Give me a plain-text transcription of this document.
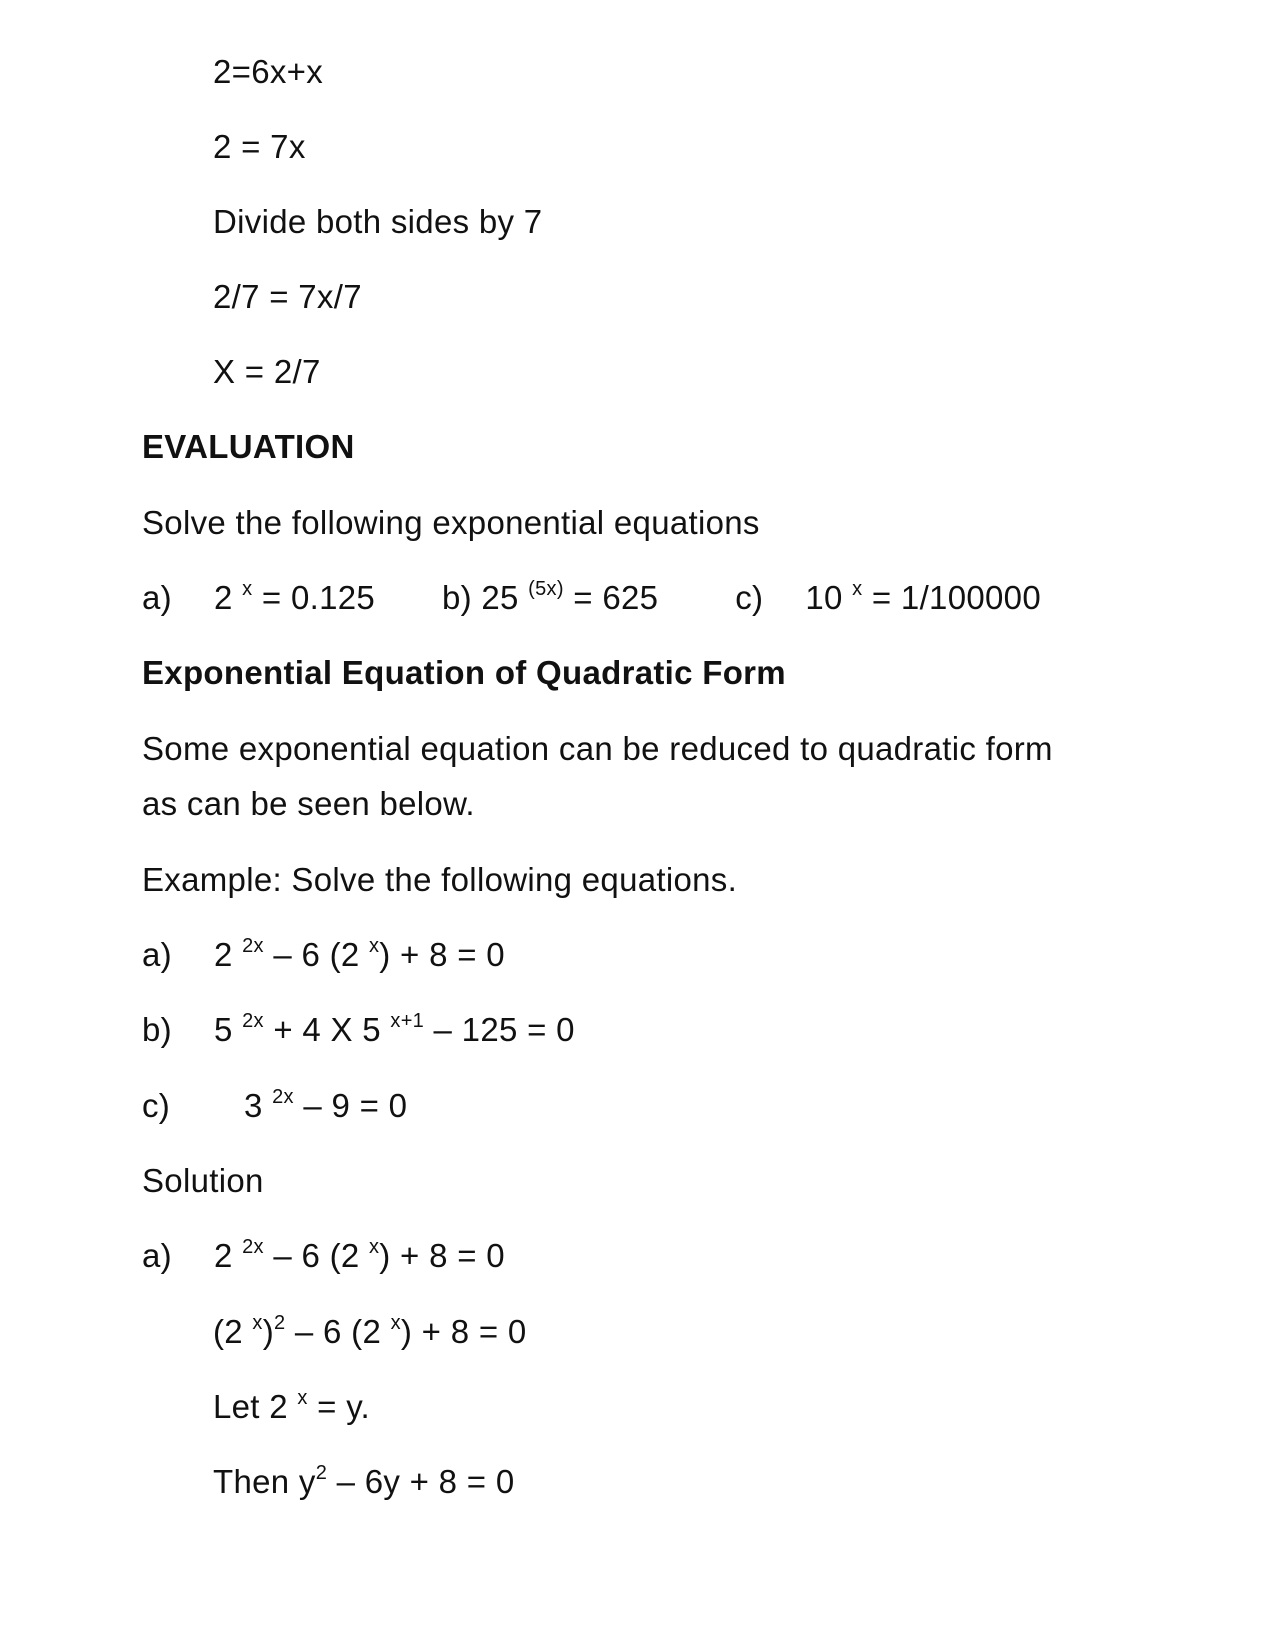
2=6x+x
2 = 7x
Divide both sides by 7
2/7 = 7x/7
X = 2/7
EVALUATION
Solve the following exponential equations
a) 2 $^x$ = 0.125 b) 25 $^{(5x)}$ = 625 c) 10 $^x$ = 1/100000
Exponential Equation of Quadratic Form
Some exponential equation can be reduced to quadratic form
as can be seen below.
Example: Solve the following equations.
a) 2 $^{2x}$ – 6 (2 $^x$) + 8 = 0
b) 5 $^{2x}$ + 4 X 5 $^{x+1}$ – 125 = 0
c) 3 $^{2x}$ – 9 = 0
Solution
a) 2 $^{2x}$ – 6 (2 $^x$) + 8 = 0
(2 $^x$)$^2$ – 6 (2 $^x$) + 8 = 0
Let 2 $^x$ = y.
Then $y^2 - 6y + 8 = 0$
